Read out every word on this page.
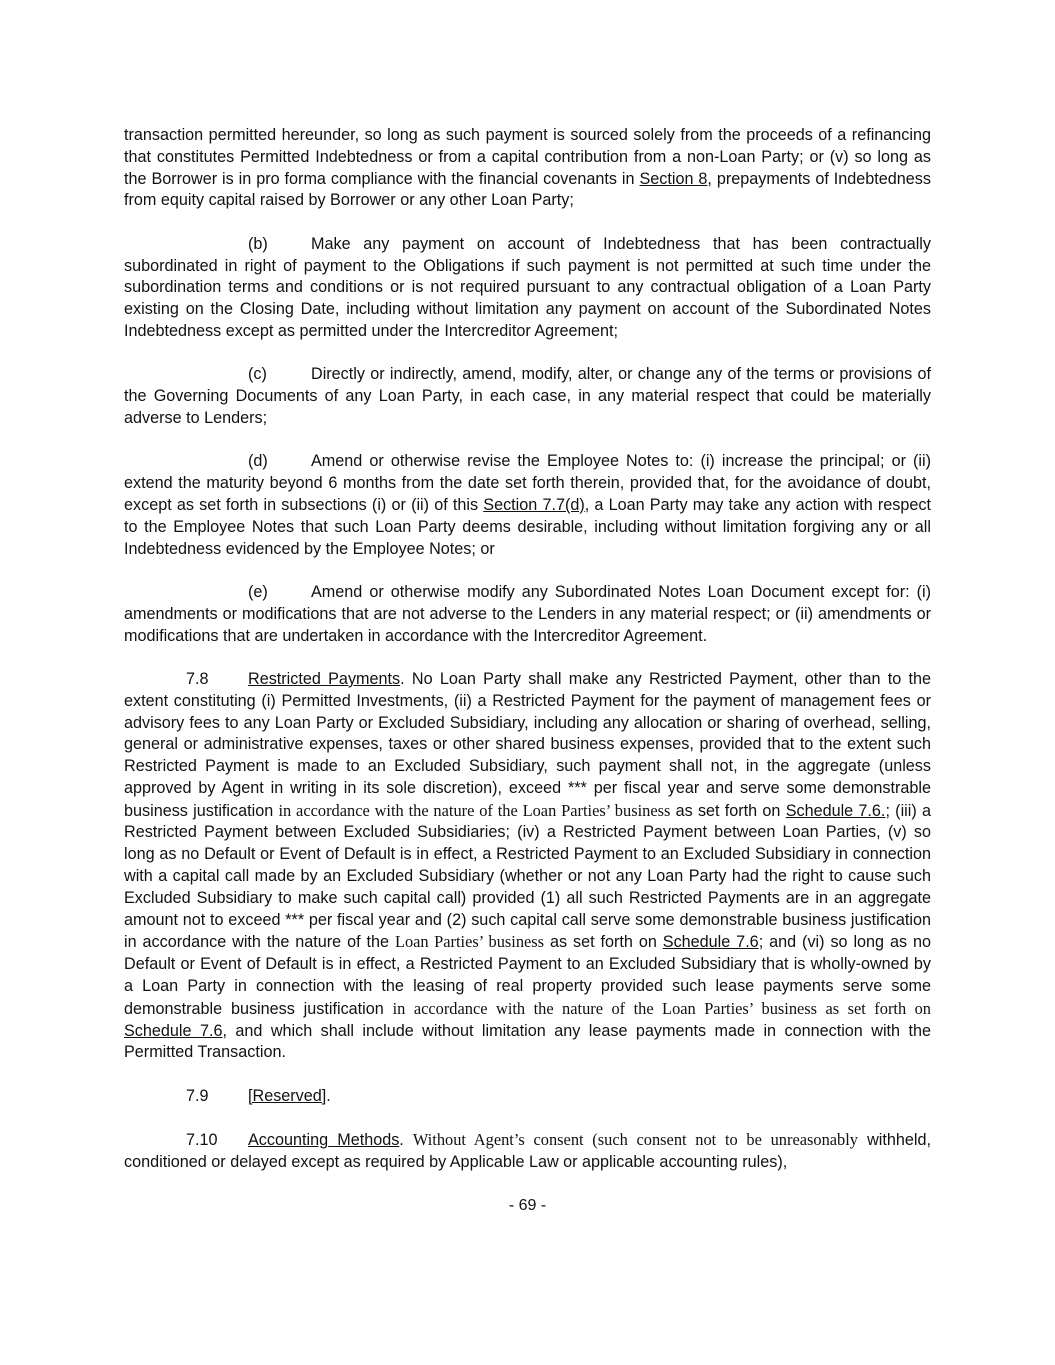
transaction permitted hereunder, so long as such payment is sourced solely from the proceeds of a refinancing that constitutes Permitted Indebtedness or from a capital contribution from a non-Loan Party; or (v) so long as the Borrower is in pro forma compliance with the financial covenants in Section 8, prepayments of Indebtedness from equity capital raised by Borrower or any other Loan Party;

(b)	Make any payment on account of Indebtedness that has been contractually subordinated in right of payment to the Obligations if such payment is not permitted at such time under the subordination terms and conditions or is not required pursuant to any contractual obligation of a Loan Party existing on the Closing Date, including without limitation any payment on account of the Subordinated Notes Indebtedness except as permitted under the Intercreditor Agreement;

(c)	Directly or indirectly, amend, modify, alter, or change any of the terms or provisions of the Governing Documents of any Loan Party, in each case, in any material respect that could be materially adverse to Lenders;

(d)	Amend or otherwise revise the Employee Notes to: (i) increase the principal; or (ii) extend the maturity beyond 6 months from the date set forth therein, provided that, for the avoidance of doubt, except as set forth in subsections (i) or (ii) of this Section 7.7(d), a Loan Party may take any action with respect to the Employee Notes that such Loan Party deems desirable, including without limitation forgiving any or all Indebtedness evidenced by the Employee Notes; or

(e)	Amend or otherwise modify any Subordinated Notes Loan Document except for: (i) amendments or modifications that are not adverse to the Lenders in any material respect; or (ii) amendments or modifications that are undertaken in accordance with the Intercreditor Agreement.

7.8 Restricted Payments. No Loan Party shall make any Restricted Payment, other than to the extent constituting (i) Permitted Investments, (ii) a Restricted Payment for the payment of management fees or advisory fees to any Loan Party or Excluded Subsidiary, including any allocation or sharing of overhead, selling, general or administrative expenses, taxes or other shared business expenses, provided that to the extent such Restricted Payment is made to an Excluded Subsidiary, such payment shall not, in the aggregate (unless approved by Agent in writing in its sole discretion), exceed *** per fiscal year and serve some demonstrable business justification in accordance with the nature of the Loan Parties’ business as set forth on Schedule 7.6.; (iii) a Restricted Payment between Excluded Subsidiaries; (iv) a Restricted Payment between Loan Parties, (v) so long as no Default or Event of Default is in effect, a Restricted Payment to an Excluded Subsidiary in connection with a capital call made by an Excluded Subsidiary (whether or not any Loan Party had the right to cause such Excluded Subsidiary to make such capital call) provided (1) all such Restricted Payments are in an aggregate amount not to exceed *** per fiscal year and (2) such capital call serve some demonstrable business justification in accordance with the nature of the Loan Parties’ business as set forth on Schedule 7.6; and (vi) so long as no Default or Event of Default is in effect, a Restricted Payment to an Excluded Subsidiary that is wholly-owned by a Loan Party in connection with the leasing of real property provided such lease payments serve some demonstrable business justification in accordance with the nature of the Loan Parties’ business as set forth on Schedule 7.6, and which shall include without limitation any lease payments made in connection with the Permitted Transaction.

7.9 [Reserved].

7.10 Accounting Methods. Without Agent’s consent (such consent not to be unreasonably withheld, conditioned or delayed except as required by Applicable Law or applicable accounting rules),

- 69 -
